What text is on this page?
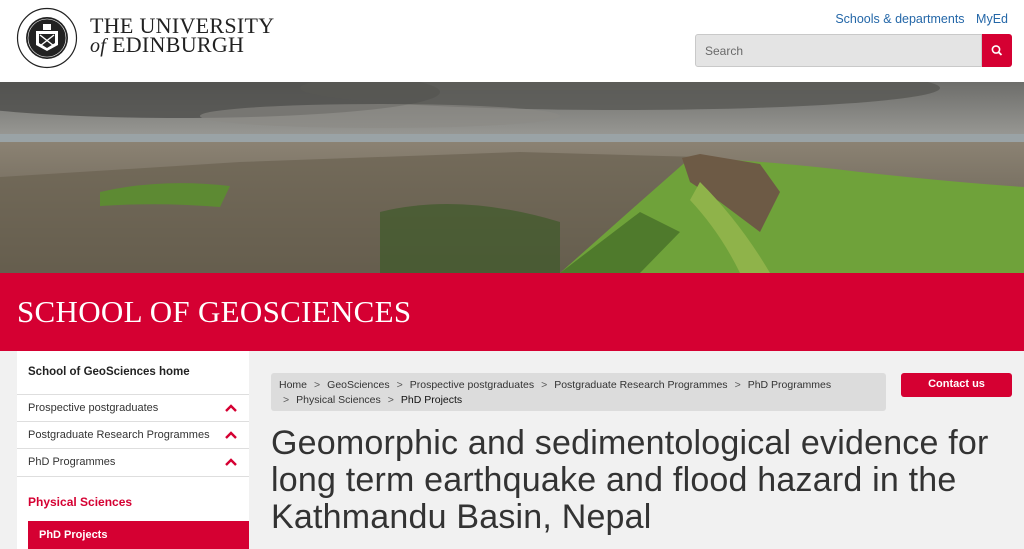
THE UNIVERSITY
of EDINBURGH
Schools & departments MyEd
Search
SCHOOL OF GEOSCIENCES
School of GeoSciences home
Prospective postgraduates
Postgraduate Research Programmes
PhD Programmes
Physical Sciences
PhD Projects
Home > GeoSciences > Prospective postgraduates > Postgraduate Research Programmes > PhD Programmes
> Physical Sciences > PhD Projects
Contact us
Geomorphic and sedimentological evidence for long term earthquake and flood hazard in the Kathmandu Basin, Nepal
